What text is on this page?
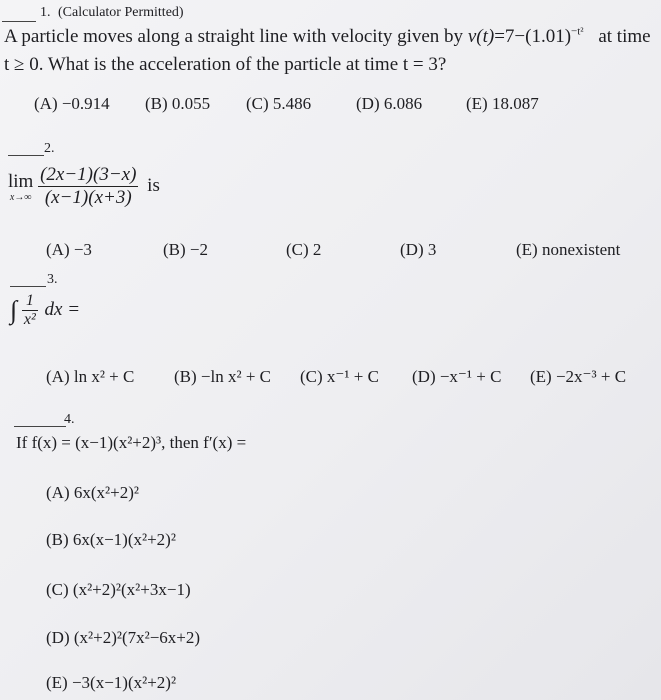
1. (Calculator Permitted)
A particle moves along a straight line with velocity given by $v(t)=7-(1.01)^{-t^2}$ at time
t ≥ 0. What is the acceleration of the particle at time t = 3?
(A) −0.914 (B) 0.055 (C) 5.486	(D) 6.086	(E) 18.087
2.
lim
x→∞
$\frac{(2x-1)(3-x)}{(x-1)(x+3)}$ is
(A) −3	(B) −2	(C) 2	(D) 3	(E) nonexistent
3.
∫ $\frac{1}{\text{x²}}$ dx =
(A) ln x² + C (B) −ln x² + C (C) x⁻¹ + C (D) −x⁻¹ + C (E) −2x⁻³ + C
4.
If f(x) = (x−1)(x²+2)³, then f′(x) =
(A) 6x(x²+2)²
(B) 6x(x−1)(x²+2)²
(C) (x²+2)²(x²+3x−1)
(D) (x²+2)²(7x²−6x+2)
(E) −3(x−1)(x²+2)²
